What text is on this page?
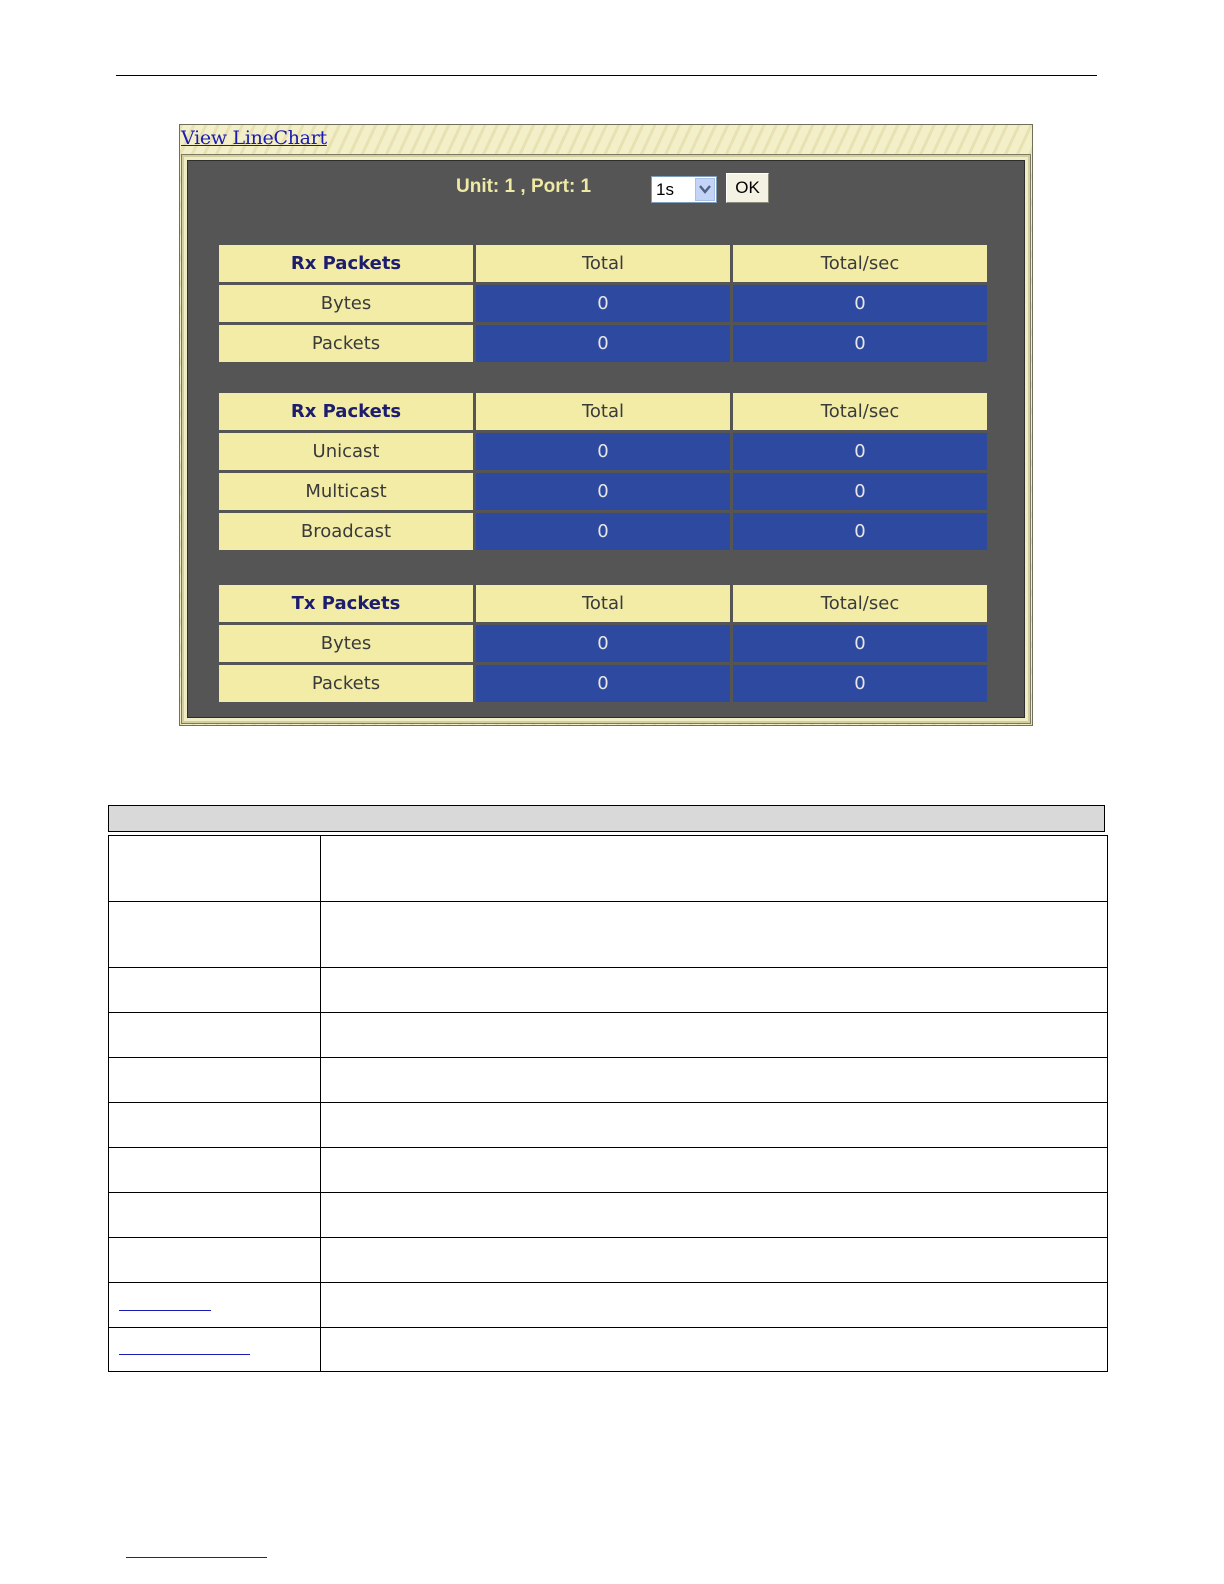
View LineChart
Unit: 1 , Port: 1	1s	OK
Rx Packets	Total	Total/sec
Bytes	0	0
Packets	0	0
Rx Packets	Total	Total/sec
Unicast	0	0
Multicast	0	0
Broadcast	0	0
Tx Packets	Total	Total/sec
Bytes	0	0
Packets	0	0
